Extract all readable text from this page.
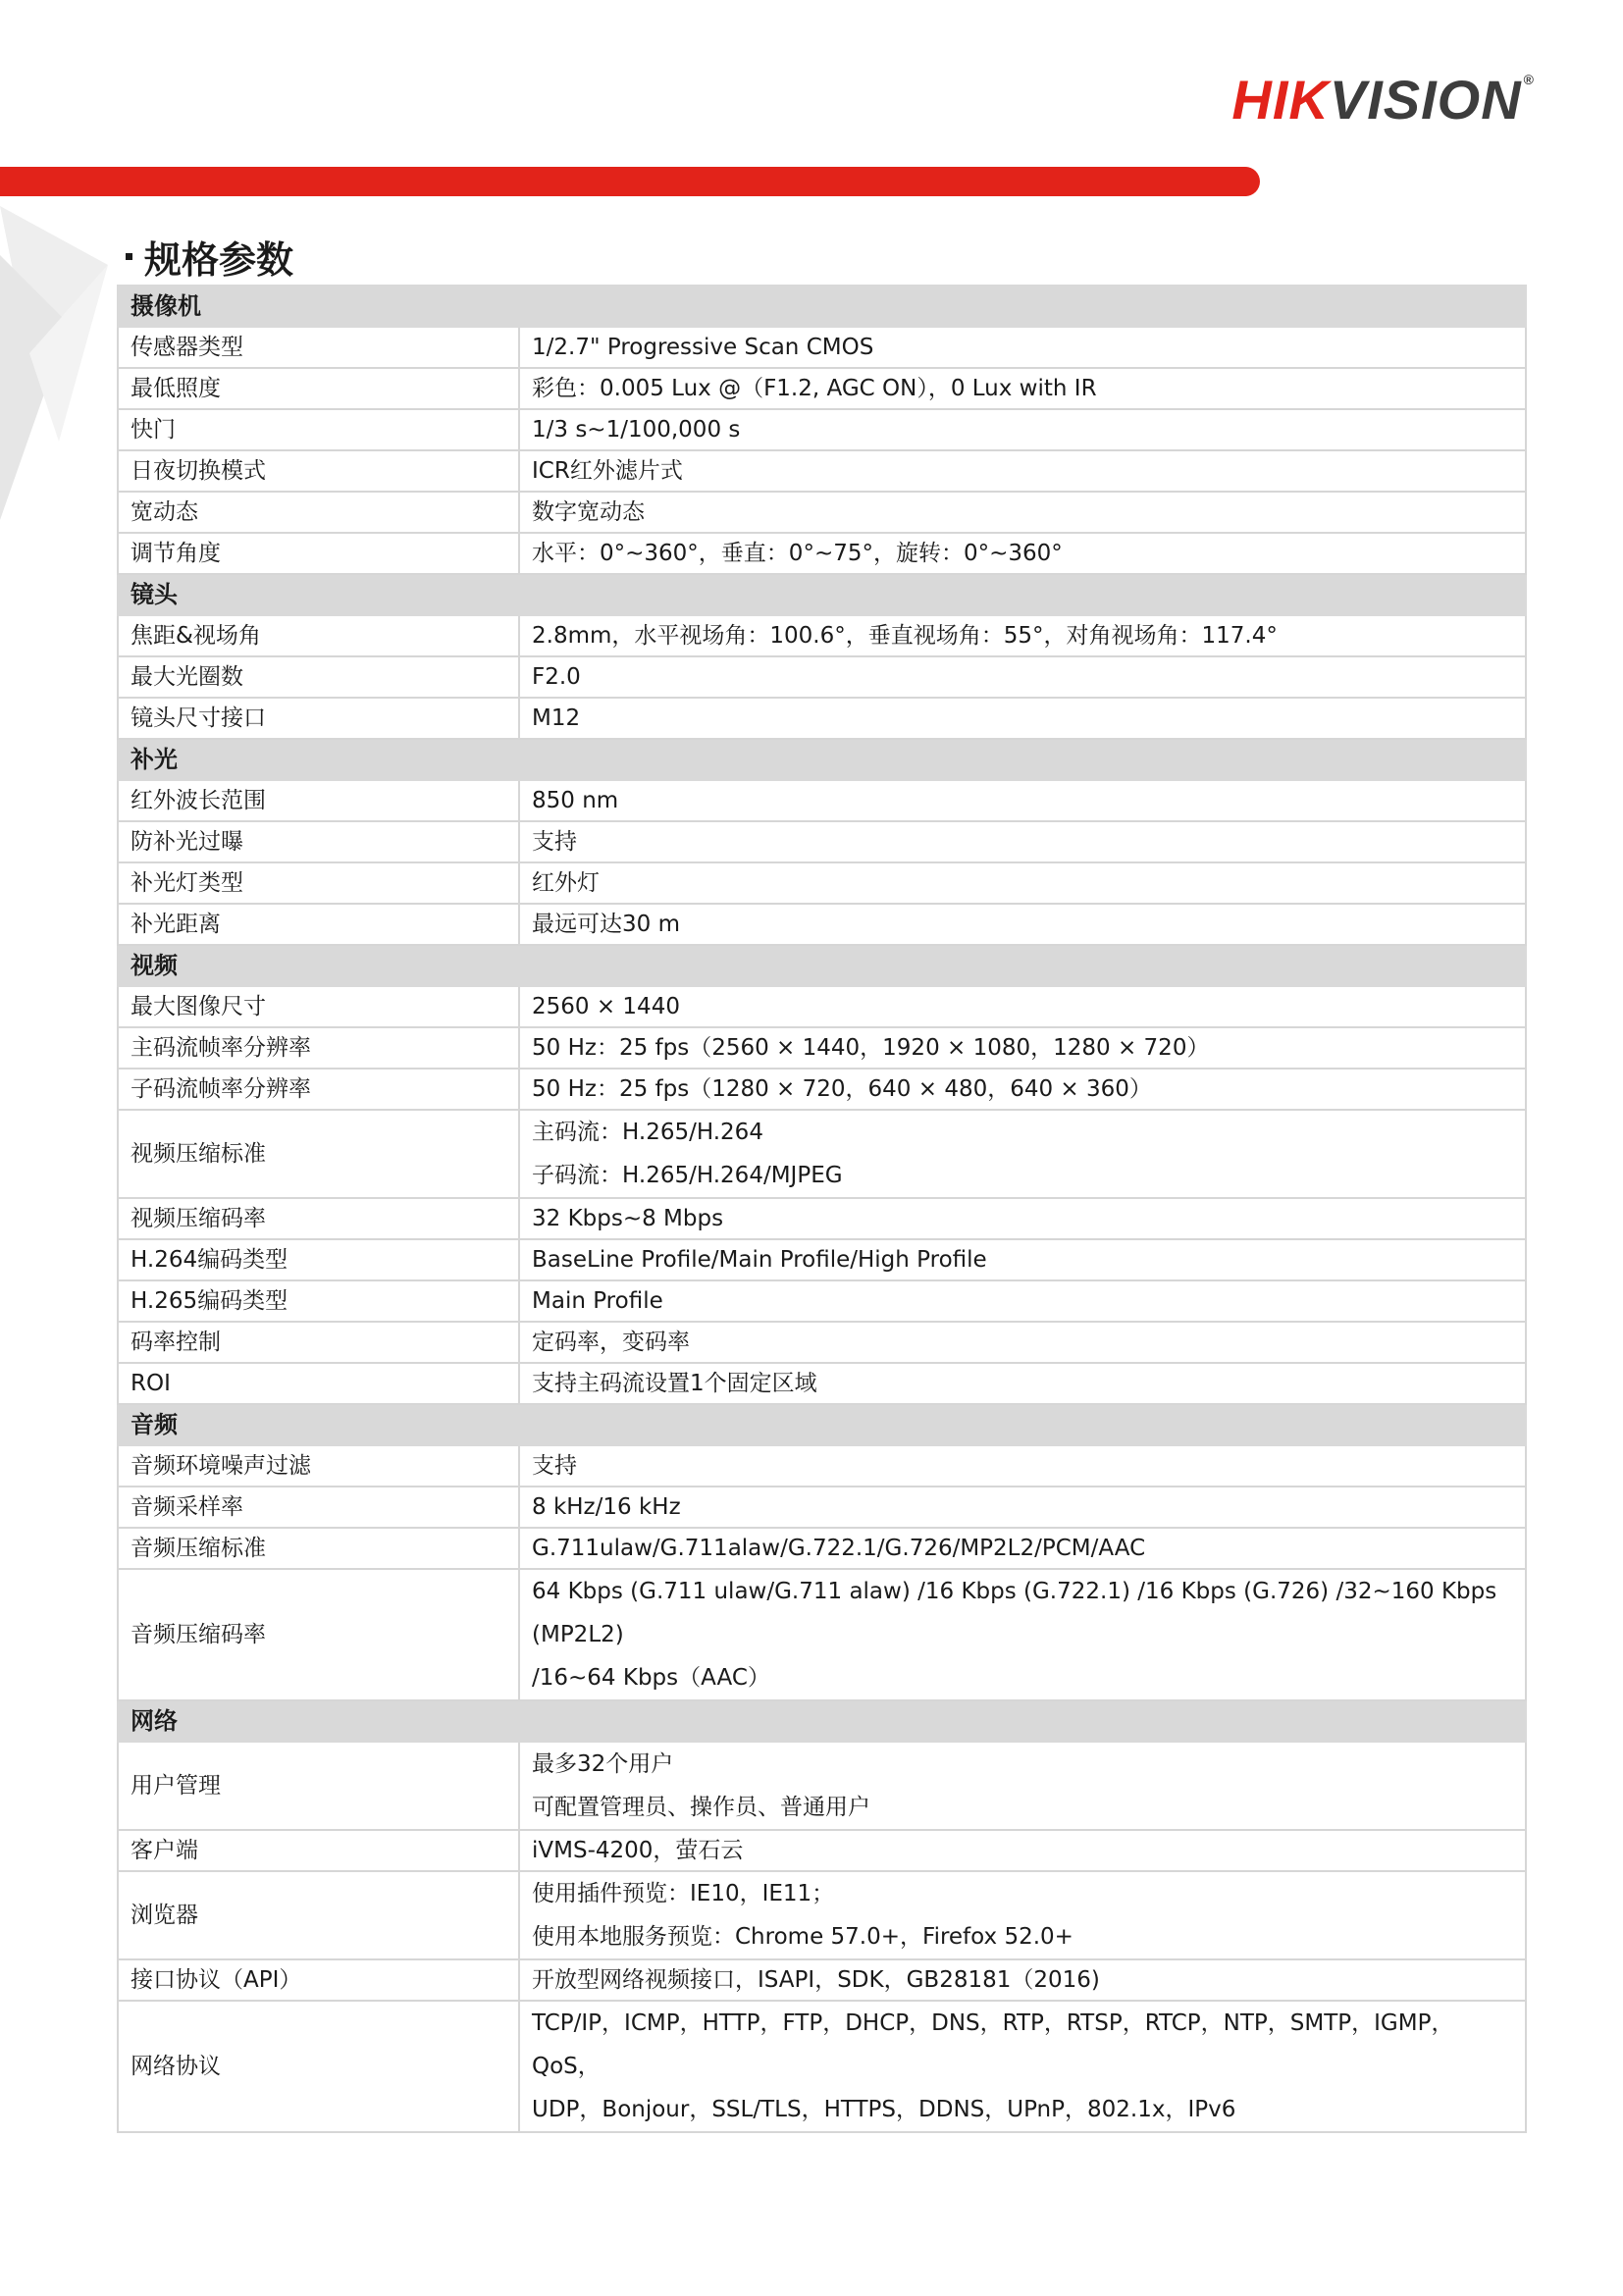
HIKVISION ®
规格参数
摄像机	
传感器类型	1/2.7" Progressive Scan CMOS
最低照度	彩色：0.005 Lux @（F1.2, AGC ON），0 Lux with IR
快门	1/3 s~1/100,000 s
日夜切换模式	ICR红外滤片式
宽动态	数字宽动态
调节角度	水平：0°~360°，垂直：0°~75°，旋转：0°~360°
镜头	
焦距&视场角	2.8mm，水平视场角：100.6°，垂直视场角：55°，对角视场角：117.4°
最大光圈数	F2.0
镜头尺寸接口	M12
补光	
红外波长范围	850 nm
防补光过曝	支持
补光灯类型	红外灯
补光距离	最远可达30 m
视频	
最大图像尺寸	2560 × 1440
主码流帧率分辨率	50 Hz：25 fps（2560 × 1440，1920 × 1080，1280 × 720）
子码流帧率分辨率	50 Hz：25 fps（1280 × 720，640 × 480，640 × 360）
视频压缩标准	主码流：H.265/H.264
子码流：H.265/H.264/MJPEG

视频压缩码率	32 Kbps~8 Mbps
H.264编码类型	BaseLine Profile/Main Profile/High Profile
H.265编码类型	Main Profile
码率控制	定码率，变码率
ROI	支持主码流设置1个固定区域
音频	
音频环境噪声过滤	支持
音频采样率	8 kHz/16 kHz
音频压缩标准	G.711ulaw/G.711alaw/G.722.1/G.726/MP2L2/PCM/AAC
音频压缩码率	64 Kbps (G.711 ulaw/G.711 alaw) /16 Kbps (G.722.1) /16 Kbps (G.726) /32~160 Kbps (MP2L2)
/16~64 Kbps（AAC）

网络	
用户管理	最多32个用户
可配置管理员、操作员、普通用户

客户端	iVMS-4200，萤石云
浏览器	使用插件预览：IE10，IE11；
使用本地服务预览：Chrome 57.0+，Firefox 52.0+

接口协议（API）	开放型网络视频接口，ISAPI，SDK，GB28181（2016)
网络协议	TCP/IP，ICMP，HTTP，FTP，DHCP，DNS，RTP，RTSP，RTCP，NTP，SMTP，IGMP，QoS，
UDP，Bonjour，SSL/TLS，HTTPS，DDNS，UPnP，802.1x，IPv6
